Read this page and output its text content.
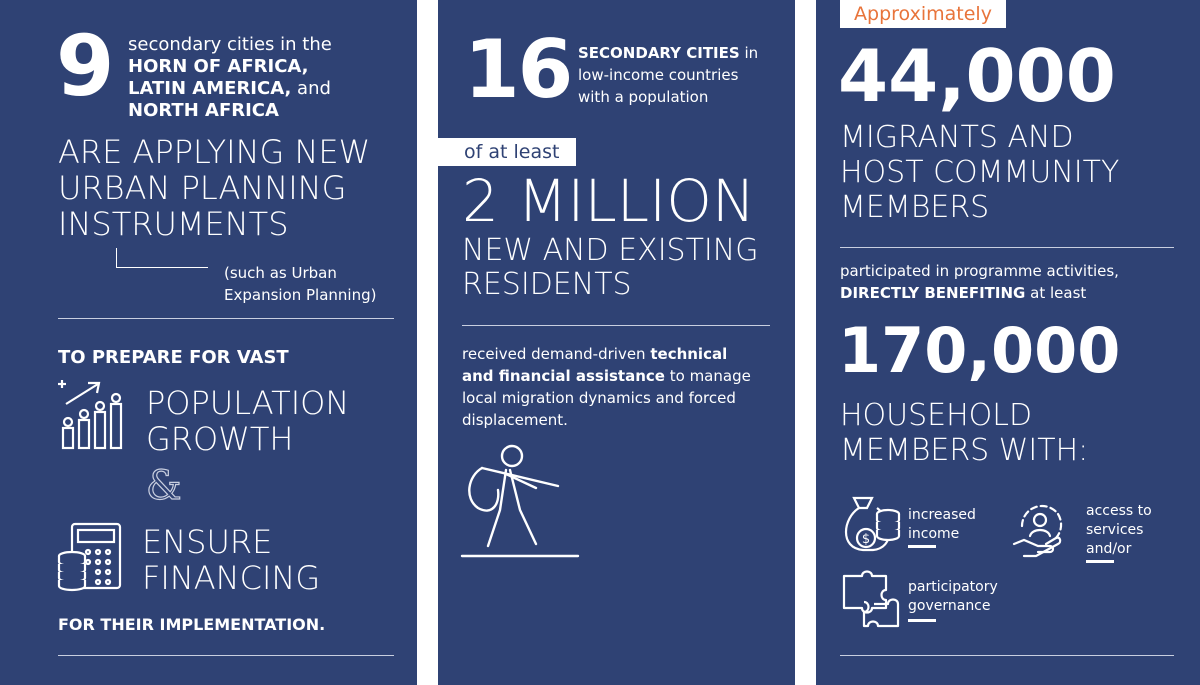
9 secondary cities in the
HORN OF AFRICA,
LATIN AMERICA, and
NORTH AFRICA
ARE APPLYING NEW
URBAN PLANNING
INSTRUMENTS
(such as Urban
Expansion Planning)
TO PREPARE FOR VAST
POPULATION
GROWTH
&
ENSURE
FINANCING
FOR THEIR IMPLEMENTATION.
16 SECONDARY CITIES in
low-income countries
with a population
of at least
2 MILLION
NEW AND EXISTING
RESIDENTS
received demand-driven technical
and financial assistance to manage
local migration dynamics and forced
displacement.
Approximately
44,000
MIGRANTS AND
HOST COMMUNITY
MEMBERS
participated in programme activities,
DIRECTLY BENEFITING at least
170,000
HOUSEHOLD
MEMBERS WITH:
$
increased
income
access to
services
and/or
participatory
governance
